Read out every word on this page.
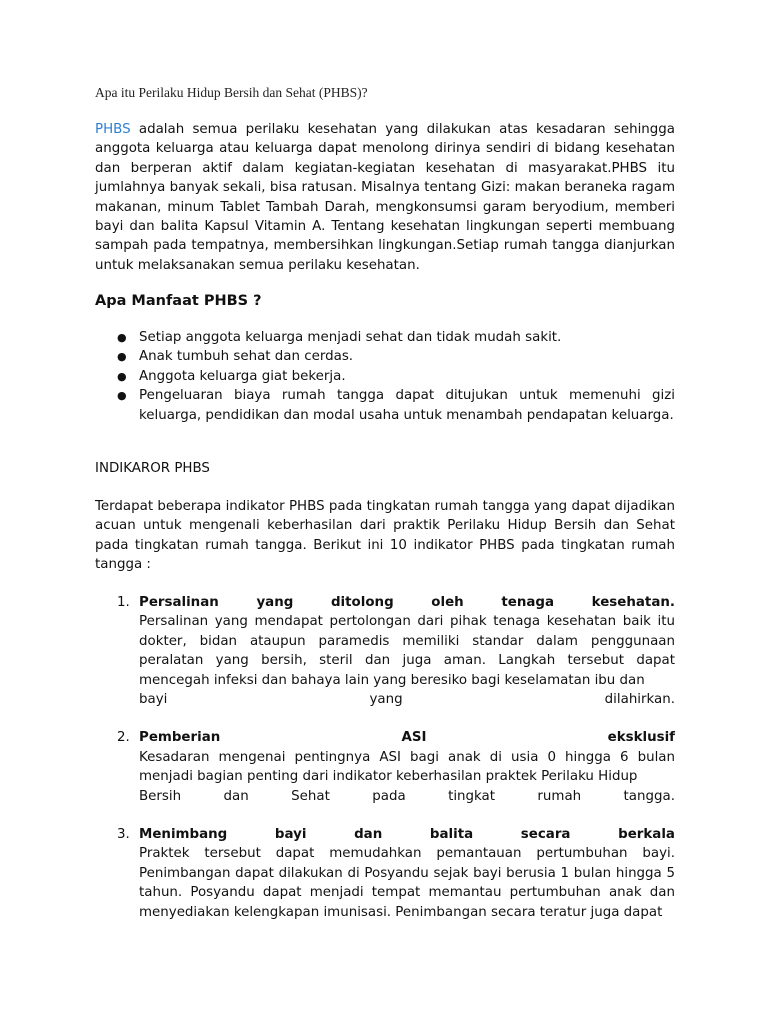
Apa itu Perilaku Hidup Bersih dan Sehat (PHBS)?

PHBS adalah semua perilaku kesehatan yang dilakukan atas kesadaran sehingga anggota keluarga atau keluarga dapat menolong dirinya sendiri di bidang kesehatan dan berperan aktif dalam kegiatan-kegiatan kesehatan di masyarakat.PHBS itu jumlahnya banyak sekali, bisa ratusan. Misalnya tentang Gizi: makan beraneka ragam makanan, minum Tablet Tambah Darah, mengkonsumsi garam beryodium, memberi bayi dan balita Kapsul Vitamin A. Tentang kesehatan lingkungan seperti membuang sampah pada tempatnya, membersihkan lingkungan.Setiap rumah tangga dianjurkan untuk melaksanakan semua perilaku kesehatan.

Apa Manfaat PHBS ?
● Setiap anggota keluarga menjadi sehat dan tidak mudah sakit.
● Anak tumbuh sehat dan cerdas.
● Anggota keluarga giat bekerja.
● Pengeluaran biaya rumah tangga dapat ditujukan untuk memenuhi gizi keluarga, pendidikan dan modal usaha untuk menambah pendapatan keluarga.
INDIKAROR PHBS

Terdapat beberapa indikator PHBS pada tingkatan rumah tangga yang dapat dijadikan acuan untuk mengenali keberhasilan dari praktik Perilaku Hidup Bersih dan Sehat pada tingkatan rumah tangga. Berikut ini 10 indikator PHBS pada tingkatan rumah tangga :

1. Persalinan	yang	ditolong	oleh	tenaga	kesehatan.
Persalinan yang mendapat pertolongan dari pihak tenaga kesehatan baik itu dokter, bidan ataupun paramedis memiliki standar dalam penggunaan peralatan yang bersih, steril dan juga aman. Langkah tersebut dapat mencegah infeksi dan bahaya lain yang beresiko bagi keselamatan ibu dan
bayi	yang	dilahirkan.
2. Pemberian	ASI	eksklusif
Kesadaran mengenai pentingnya ASI bagi anak di usia 0 hingga 6 bulan menjadi bagian penting dari indikator keberhasilan praktek Perilaku Hidup
Bersih	dan	Sehat	pada	tingkat	rumah	tangga.
3. Menimbang	bayi	dan	balita	secara	berkala
Praktek tersebut dapat memudahkan pemantauan pertumbuhan bayi. Penimbangan dapat dilakukan di Posyandu sejak bayi berusia 1 bulan hingga 5 tahun. Posyandu dapat menjadi tempat memantau pertumbuhan anak dan menyediakan kelengkapan imunisasi. Penimbangan secara teratur juga dapat
